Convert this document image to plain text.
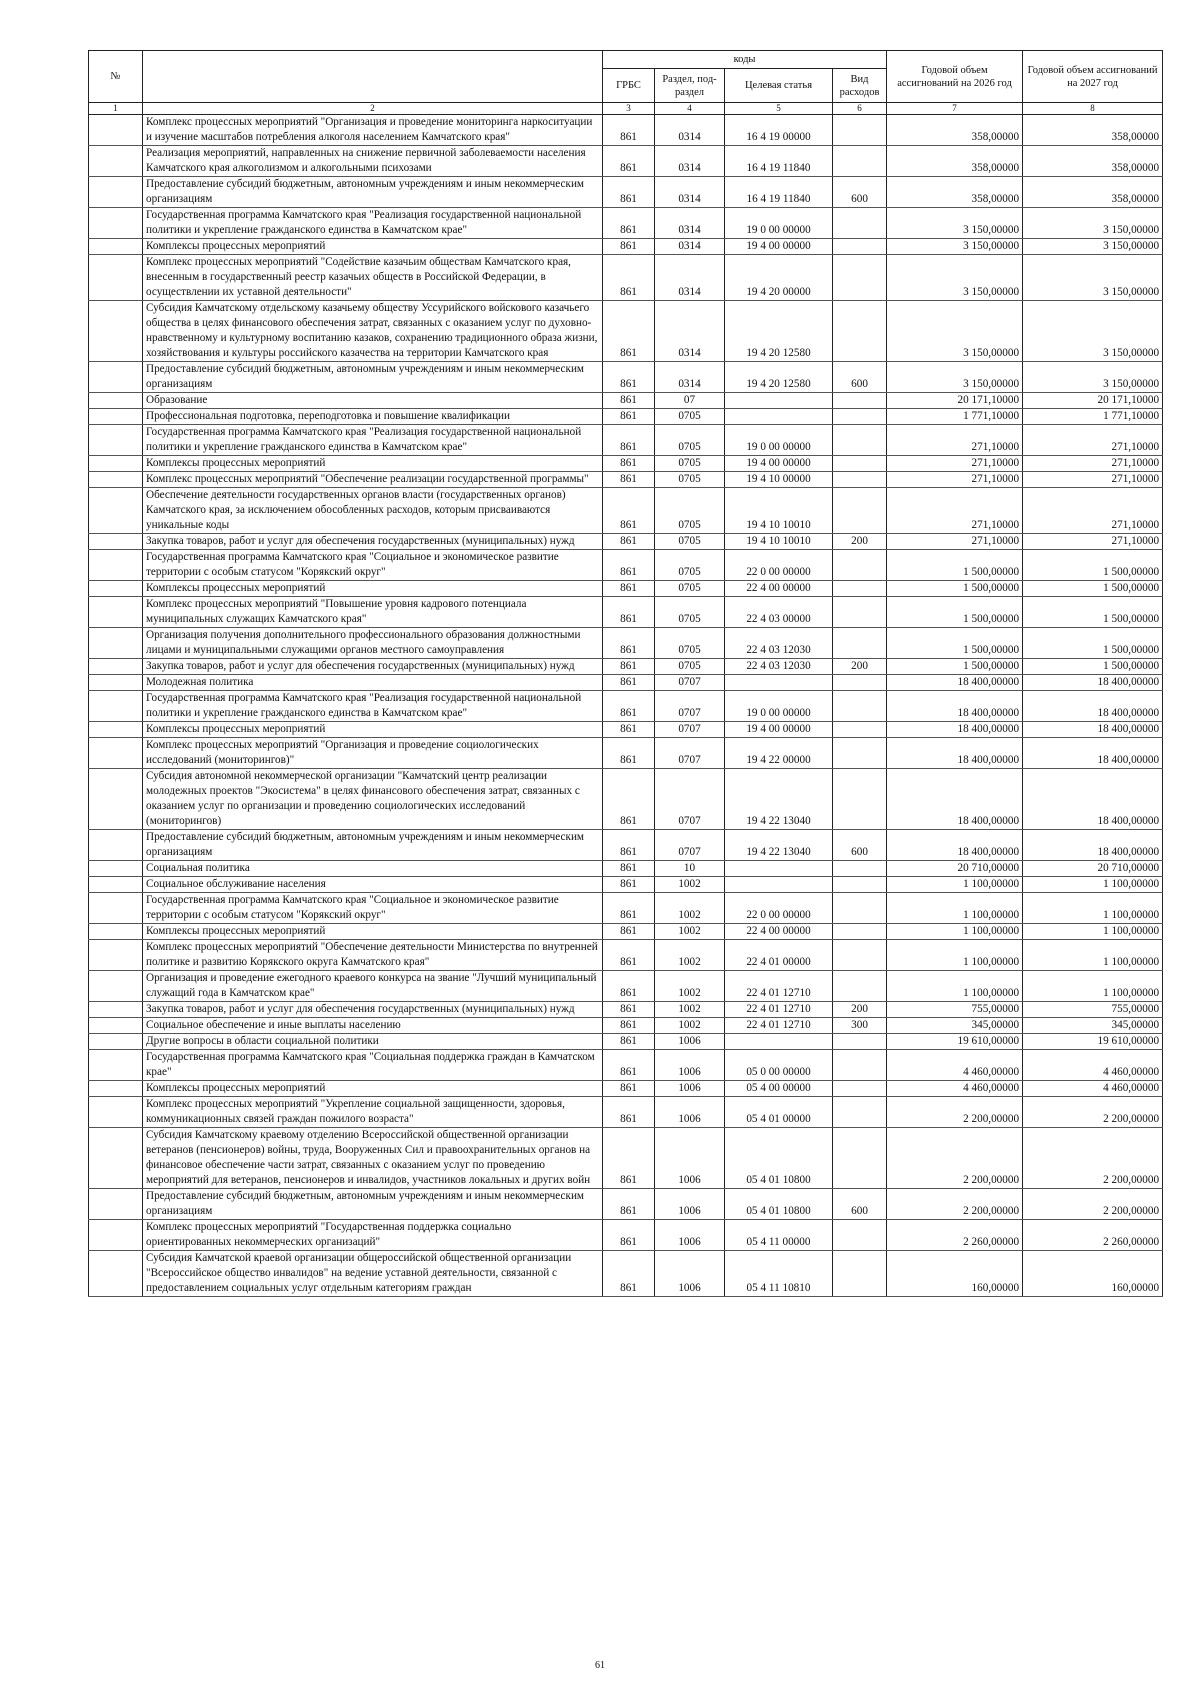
№		коды				Годовой объем ассигнований на 2026 год	Годовой объем ассигнований на 2027 год
		ГРБС	Раздел, под-раздел	Целевая статья	Вид расходов		
1	2	3	4	5	6	7	8
	Комплекс процессных мероприятий "Организация и проведение мониторинга наркоситуации и изучение масштабов потребления алкоголя населением Камчатского края"	861	0314	16 4 19 00000		358,00000	358,00000
	Реализация мероприятий, направленных на снижение первичной заболеваемости населения Камчатского края алкоголизмом и алкогольными психозами	861	0314	16 4 19 11840		358,00000	358,00000
	Предоставление субсидий бюджетным, автономным учреждениям и иным некоммерческим организациям	861	0314	16 4 19 11840	600	358,00000	358,00000
	Государственная программа Камчатского края "Реализация государственной национальной политики и укрепление гражданского единства в Камчатском крае"	861	0314	19 0 00 00000		3 150,00000	3 150,00000
	Комплексы процессных мероприятий	861	0314	19 4 00 00000		3 150,00000	3 150,00000
	Комплекс процессных мероприятий "Содействие казачьим обществам Камчатского края, внесенным в государственный реестр казачьих обществ в Российской Федерации, в осуществлении их уставной деятельности"	861	0314	19 4 20 00000		3 150,00000	3 150,00000
	Субсидия Камчатскому отдельскому казачьему обществу Уссурийского войскового казачьего общества в целях финансового обеспечения затрат, связанных с оказанием услуг по духовно-нравственному и культурному воспитанию казаков, сохранению традиционного образа жизни, хозяйствования и культуры российского казачества на территории Камчатского края	861	0314	19 4 20 12580		3 150,00000	3 150,00000
	Предоставление субсидий бюджетным, автономным учреждениям и иным некоммерческим организациям	861	0314	19 4 20 12580	600	3 150,00000	3 150,00000
	Образование	861	07			20 171,10000	20 171,10000
	Профессиональная подготовка, переподготовка и повышение квалификации	861	0705			1 771,10000	1 771,10000
	Государственная программа Камчатского края "Реализация государственной национальной политики и укрепление гражданского единства в Камчатском крае"	861	0705	19 0 00 00000		271,10000	271,10000
	Комплексы процессных мероприятий	861	0705	19 4 00 00000		271,10000	271,10000
	Комплекс процессных мероприятий "Обеспечение реализации государственной программы"	861	0705	19 4 10 00000		271,10000	271,10000
	Обеспечение деятельности государственных органов власти (государственных органов) Камчатского края, за исключением обособленных расходов, которым присваиваются уникальные коды	861	0705	19 4 10 10010		271,10000	271,10000
	Закупка товаров, работ и услуг для обеспечения государственных (муниципальных) нужд	861	0705	19 4 10 10010	200	271,10000	271,10000
	Государственная программа Камчатского края "Социальное и экономическое развитие территории с особым статусом "Корякский округ"	861	0705	22 0 00 00000		1 500,00000	1 500,00000
	Комплексы процессных мероприятий	861	0705	22 4 00 00000		1 500,00000	1 500,00000
	Комплекс процессных мероприятий "Повышение уровня кадрового потенциала муниципальных служащих Камчатского края"	861	0705	22 4 03 00000		1 500,00000	1 500,00000
	Организация получения дополнительного профессионального образования должностными лицами и муниципальными служащими органов местного самоуправления	861	0705	22 4 03 12030		1 500,00000	1 500,00000
	Закупка товаров, работ и услуг для обеспечения государственных (муниципальных) нужд	861	0705	22 4 03 12030	200	1 500,00000	1 500,00000
	Молодежная политика	861	0707			18 400,00000	18 400,00000
	Государственная программа Камчатского края "Реализация государственной национальной политики и укрепление гражданского единства в Камчатском крае"	861	0707	19 0 00 00000		18 400,00000	18 400,00000
	Комплексы процессных мероприятий	861	0707	19 4 00 00000		18 400,00000	18 400,00000
	Комплекс процессных мероприятий "Организация и проведение социологических исследований (мониторингов)"	861	0707	19 4 22 00000		18 400,00000	18 400,00000
	Субсидия автономной некоммерческой организации "Камчатский центр реализации молодежных проектов "Экосистема" в целях финансового обеспечения затрат, связанных с оказанием услуг по организации и проведению социологических исследований (мониторингов)	861	0707	19 4 22 13040		18 400,00000	18 400,00000
	Предоставление субсидий бюджетным, автономным учреждениям и иным некоммерческим организациям	861	0707	19 4 22 13040	600	18 400,00000	18 400,00000
	Социальная политика	861	10			20 710,00000	20 710,00000
	Социальное обслуживание населения	861	1002			1 100,00000	1 100,00000
	Государственная программа Камчатского края "Социальное и экономическое развитие территории с особым статусом "Корякский округ"	861	1002	22 0 00 00000		1 100,00000	1 100,00000
	Комплексы процессных мероприятий	861	1002	22 4 00 00000		1 100,00000	1 100,00000
	Комплекс процессных мероприятий "Обеспечение деятельности Министерства по внутренней политике и развитию Корякского округа Камчатского края"	861	1002	22 4 01 00000		1 100,00000	1 100,00000
	Организация и проведение ежегодного краевого конкурса на звание "Лучший муниципальный служащий года в Камчатском крае"	861	1002	22 4 01 12710		1 100,00000	1 100,00000
	Закупка товаров, работ и услуг для обеспечения государственных (муниципальных) нужд	861	1002	22 4 01 12710	200	755,00000	755,00000
	Социальное обеспечение и иные выплаты населению	861	1002	22 4 01 12710	300	345,00000	345,00000
	Другие вопросы в области социальной политики	861	1006			19 610,00000	19 610,00000
	Государственная программа Камчатского края "Социальная поддержка граждан в Камчатском крае"	861	1006	05 0 00 00000		4 460,00000	4 460,00000
	Комплексы процессных мероприятий	861	1006	05 4 00 00000		4 460,00000	4 460,00000
	Комплекс процессных мероприятий "Укрепление социальной защищенности, здоровья, коммуникационных связей граждан пожилого возраста"	861	1006	05 4 01 00000		2 200,00000	2 200,00000
	Субсидия Камчатскому краевому отделению Всероссийской общественной организации ветеранов (пенсионеров) войны, труда, Вооруженных Сил и правоохранительных органов на финансовое обеспечение части затрат, связанных с оказанием услуг по проведению мероприятий для ветеранов, пенсионеров и инвалидов, участников локальных и других войн	861	1006	05 4 01 10800		2 200,00000	2 200,00000
	Предоставление субсидий бюджетным, автономным учреждениям и иным некоммерческим организациям	861	1006	05 4 01 10800	600	2 200,00000	2 200,00000
	Комплекс процессных мероприятий "Государственная поддержка социально ориентированных некоммерческих организаций"	861	1006	05 4 11 00000		2 260,00000	2 260,00000
	Субсидия Камчатской краевой организации общероссийской общественной организации "Всероссийское общество инвалидов" на ведение уставной деятельности, связанной с предоставлением социальных услуг отдельным категориям граждан	861	1006	05 4 11 10810		160,00000	160,00000
61
